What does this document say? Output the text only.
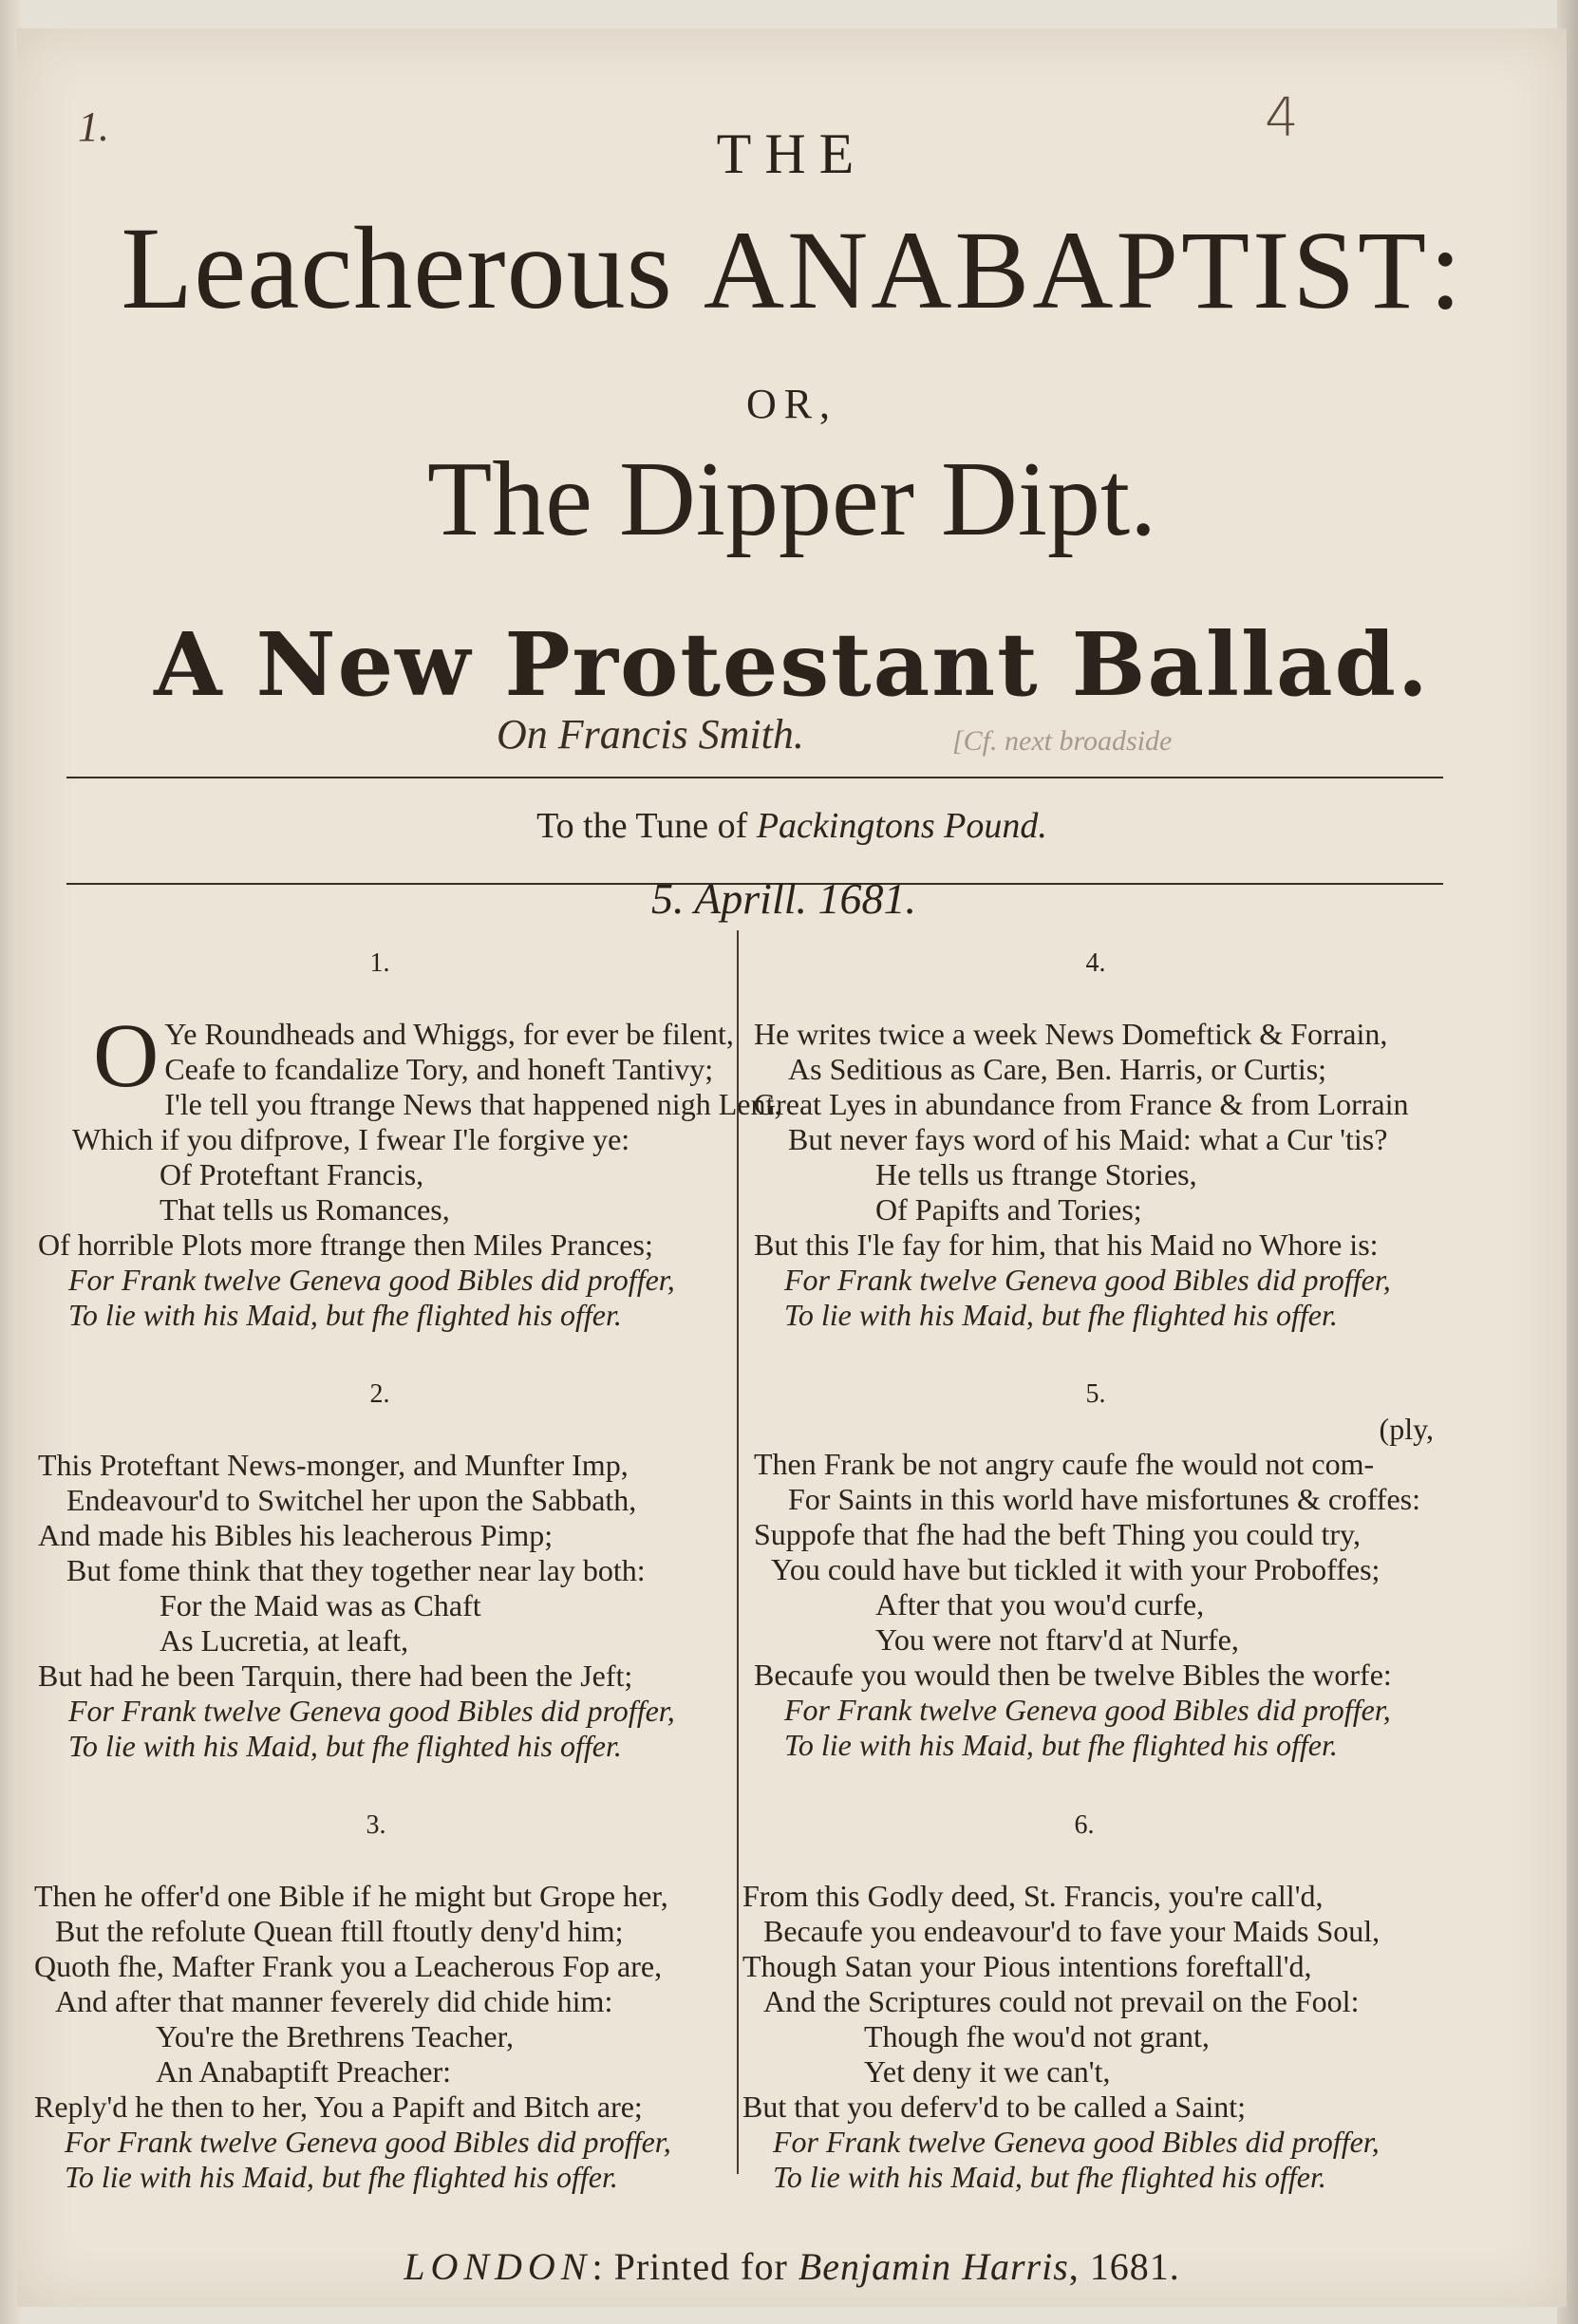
1.	4
THE
Leacherous ANABAPTIST:
OR,
The Dipper Dipt.
A New Protestant Ballad.
On Francis Smith.	[Cf. next broadside
To the Tune of Packingtons Pound.
5. Aprill. 1681.
1.
O Ye Roundheads and Whiggs, for ever be filent,
Ceafe to fcandalize Tory, and honeft Tantivy;
I'le tell you ftrange News that happened nigh Lent,
Which if you difprove, I fwear I'le forgive ye:
Of Proteftant Francis,
That tells us Romances,
Of horrible Plots more ftrange then Miles Prances;
For Frank twelve Geneva good Bibles did proffer,
To lie with his Maid, but fhe flighted his offer.
2.
This Proteftant News-monger, and Munfter Imp,
Endeavour'd to Switchel her upon the Sabbath,
And made his Bibles his leacherous Pimp;
But fome think that they together near lay both:
For the Maid was as Chaft
As Lucretia, at leaft,
But had he been Tarquin, there had been the Jeft;
For Frank twelve Geneva good Bibles did proffer,
To lie with his Maid, but fhe flighted his offer.
3.
Then he offer'd one Bible if he might but Grope her,
But the refolute Quean ftill ftoutly deny'd him;
Quoth fhe, Mafter Frank you a Leacherous Fop are,
And after that manner feverely did chide him:
You're the Brethrens Teacher,
An Anabaptift Preacher:
Reply'd he then to her, You a Papift and Bitch are;
For Frank twelve Geneva good Bibles did proffer,
To lie with his Maid, but fhe flighted his offer.
4.
He writes twice a week News Domeftick & Forrain,
As Seditious as Care, Ben. Harris, or Curtis;
Great Lyes in abundance from France & from Lorrain
But never fays word of his Maid: what a Cur 'tis?
He tells us ftrange Stories,
Of Papifts and Tories;
But this I'le fay for him, that his Maid no Whore is:
For Frank twelve Geneva good Bibles did proffer,
To lie with his Maid, but fhe flighted his offer.
5.
(ply,
Then Frank be not angry caufe fhe would not com-
For Saints in this world have misfortunes & croffes:
Suppofe that fhe had the beft Thing you could try,
You could have but tickled it with your Proboffes;
After that you wou'd curfe,
You were not ftarv'd at Nurfe,
Becaufe you would then be twelve Bibles the worfe:
For Frank twelve Geneva good Bibles did proffer,
To lie with his Maid, but fhe flighted his offer.
6.
From this Godly deed, St. Francis, you're call'd,
Becaufe you endeavour'd to fave your Maids Soul,
Though Satan your Pious intentions foreftall'd,
And the Scriptures could not prevail on the Fool:
Though fhe wou'd not grant,
Yet deny it we can't,
But that you deferv'd to be called a Saint;
For Frank twelve Geneva good Bibles did proffer,
To lie with his Maid, but fhe flighted his offer.
LONDON: Printed for Benjamin Harris, 1681.
